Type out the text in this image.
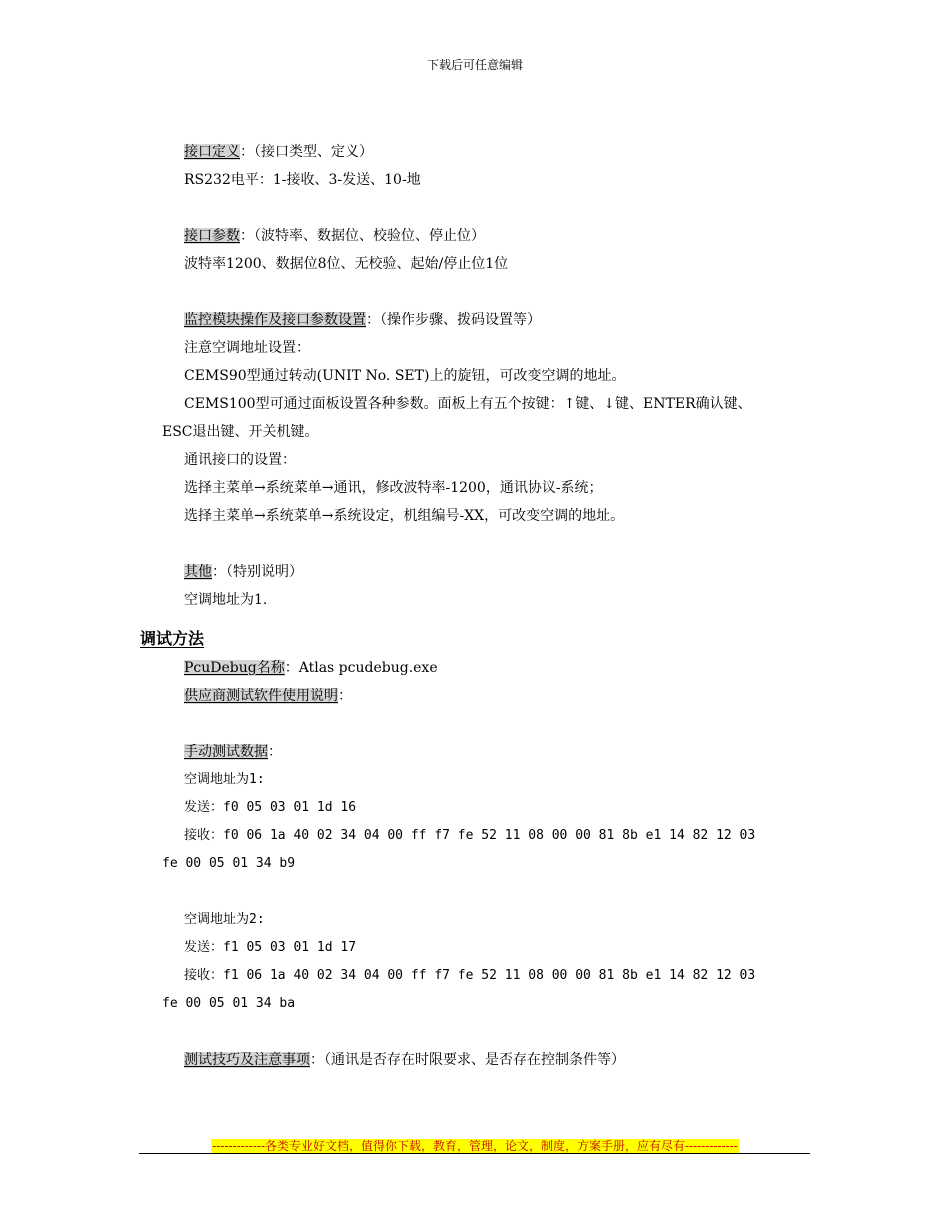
下载后可任意编辑
接口定义：（接口类型、定义）
RS232电平：1-接收、3-发送、10-地
接口参数：（波特率、数据位、校验位、停止位）
波特率1200、数据位8位、无校验、起始/停止位1位
监控模块操作及接口参数设置：（操作步骤、拨码设置等）
注意空调地址设置：
CEMS90型通过转动(UNIT No. SET)上的旋钮，可改变空调的地址。
CEMS100型可通过面板设置各种参数。面板上有五个按键：↑键、↓键、ENTER确认键、
ESC退出键、开关机键。
通讯接口的设置：
选择主菜单→系统菜单→通讯，修改波特率-1200，通讯协议-系统；
选择主菜单→系统菜单→系统设定，机组编号-XX，可改变空调的地址。
其他：（特别说明）
空调地址为1.
调试方法
PcuDebug名称：Atlas pcudebug.exe
供应商测试软件使用说明：
手动测试数据：
空调地址为1:
发送：f0 05 03 01 1d 16
接收：f0 06 1a 40 02 34 04 00 ff f7 fe 52 11 08 00 00 81 8b e1 14 82 12 03
fe 00 05 01 34 b9
空调地址为2:
发送：f1 05 03 01 1d 17
接收：f1 06 1a 40 02 34 04 00 ff f7 fe 52 11 08 00 00 81 8b e1 14 82 12 03
fe 00 05 01 34 ba
测试技巧及注意事项：（通讯是否存在时限要求、是否存在控制条件等）
-------------各类专业好文档，值得你下载，教育，管理，论文，制度，方案手册，应有尽有-------------
